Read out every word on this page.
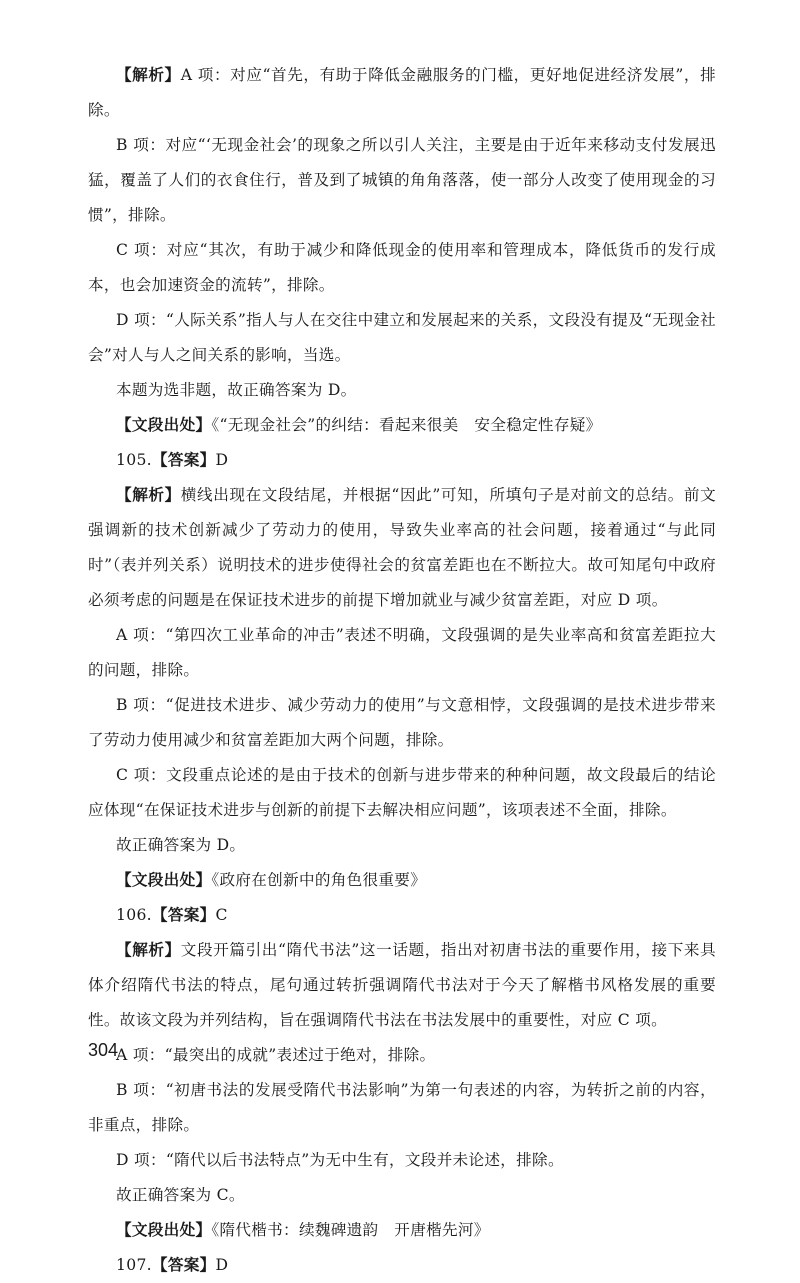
【解析】A 项：对应“首先，有助于降低金融服务的门槛，更好地促进经济发展”，排除。

B 项：对应“‘无现金社会’的现象之所以引人关注，主要是由于近年来移动支付发展迅猛，覆盖了人们的衣食住行，普及到了城镇的角角落落，使一部分人改变了使用现金的习惯”，排除。

C 项：对应“其次，有助于减少和降低现金的使用率和管理成本，降低货币的发行成本，也会加速资金的流转”，排除。

D 项：“人际关系”指人与人在交往中建立和发展起来的关系，文段没有提及“无现金社会”对人与人之间关系的影响，当选。

本题为选非题，故正确答案为 D。

【文段出处】《“无现金社会”的纠结：看起来很美　安全稳定性存疑》

105.【答案】D

【解析】横线出现在文段结尾，并根据“因此”可知，所填句子是对前文的总结。前文强调新的技术创新减少了劳动力的使用，导致失业率高的社会问题，接着通过“与此同时”（表并列关系）说明技术的进步使得社会的贫富差距也在不断拉大。故可知尾句中政府必须考虑的问题是在保证技术进步的前提下增加就业与减少贫富差距，对应 D 项。

A 项：“第四次工业革命的冲击”表述不明确，文段强调的是失业率高和贫富差距拉大的问题，排除。

B 项：“促进技术进步、减少劳动力的使用”与文意相悖，文段强调的是技术进步带来了劳动力使用减少和贫富差距加大两个问题，排除。

C 项：文段重点论述的是由于技术的创新与进步带来的种种问题，故文段最后的结论应体现“在保证技术进步与创新的前提下去解决相应问题”，该项表述不全面，排除。

故正确答案为 D。

【文段出处】《政府在创新中的角色很重要》

106.【答案】C

【解析】文段开篇引出“隋代书法”这一话题，指出对初唐书法的重要作用，接下来具体介绍隋代书法的特点，尾句通过转折强调隋代书法对于今天了解楷书风格发展的重要性。故该文段为并列结构，旨在强调隋代书法在书法发展中的重要性，对应 C 项。

A 项：“最突出的成就”表述过于绝对，排除。

B 项：“初唐书法的发展受隋代书法影响”为第一句表述的内容，为转折之前的内容，非重点，排除。

D 项：“隋代以后书法特点”为无中生有，文段并未论述，排除。

故正确答案为 C。

【文段出处】《隋代楷书：续魏碑遗韵　开唐楷先河》

107.【答案】D

304
